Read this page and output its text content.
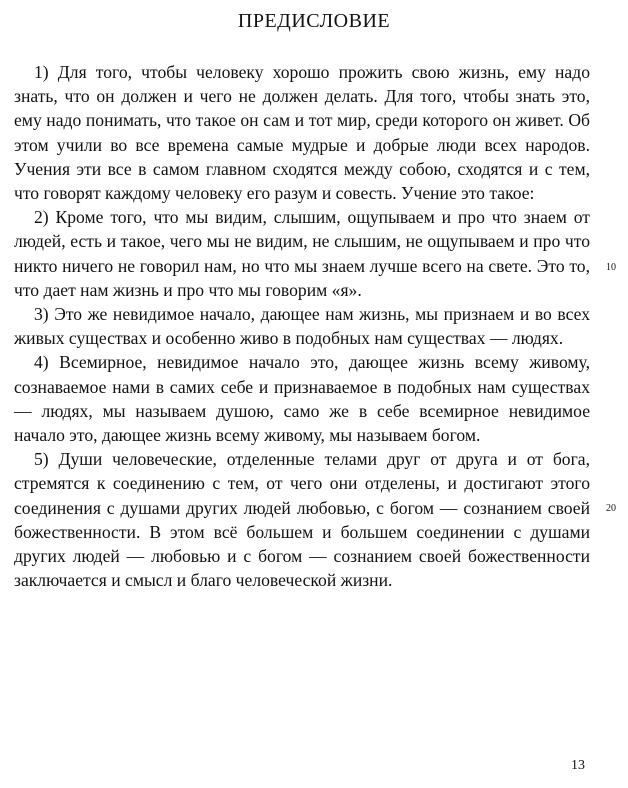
ПРЕДИСЛОВИЕ

1) Для того, чтобы человеку хорошо прожить свою жизнь, ему надо знать, что он должен и чего не должен делать. Для того, чтобы знать это, ему надо понимать, что такое он сам и тот мир, среди которого он живет. Об этом учили во все времена самые мудрые и добрые люди всех народов. Учения эти все в самом главном сходятся между собою, сходятся и с тем, что говорят каждому человеку его разум и совесть. Учение это такое:

2) Кроме того, что мы видим, слышим, ощупываем и про что знаем от людей, есть и такое, чего мы не видим, не слышим, не ощупываем и про что никто ничего не говорил нам, но что мы знаем лучше всего на свете. Это то, что дает нам жизнь и про что мы говорим «я».

3) Это же невидимое начало, дающее нам жизнь, мы признаем и во всех живых существах и особенно живо в подобных нам существах — людях.

4) Всемирное, невидимое начало это, дающее жизнь всему живому, сознаваемое нами в самих себе и признаваемое в подобных нам существах — людях, мы называем душою, само же в себе всемирное невидимое начало это, дающее жизнь всему живому, мы называем богом.

5) Души человеческие, отделенные телами друг от друга и от бога, стремятся к соединению с тем, от чего они отделены, и достигают этого соединения с душами других людей любовью, с богом — сознанием своей божественности. В этом всё большем и большем соединении с душами других людей — любовью и с богом — сознанием своей божественности заключается и смысл и благо человеческой жизни.

10
20
13
